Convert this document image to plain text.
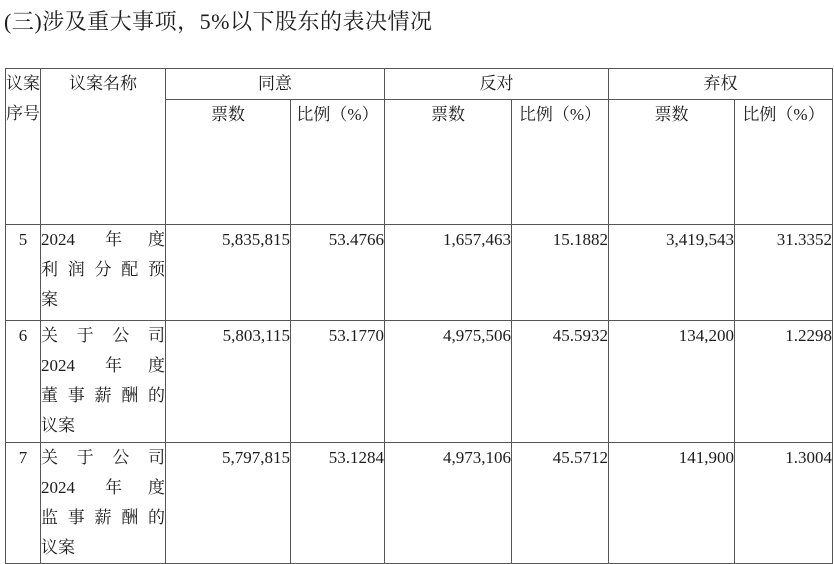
(三)涉及重大事项，5%以下股东的表决情况
议案序号	议案名称	同意		反对		弃权	
		票数	比例（%）	票数	比例（%）	票数	比例（%）
5	2024 年度
利润分配预
案	5,835,815	53.4766	1,657,463	15.1882	3,419,543	31.3352
6	关于公司
2024 年度
董事薪酬的
议案	5,803,115	53.1770	4,975,506	45.5932	134,200	1.2298
7	关于公司
2024 年度
监事薪酬的
议案	5,797,815	53.1284	4,973,106	45.5712	141,900	1.3004
